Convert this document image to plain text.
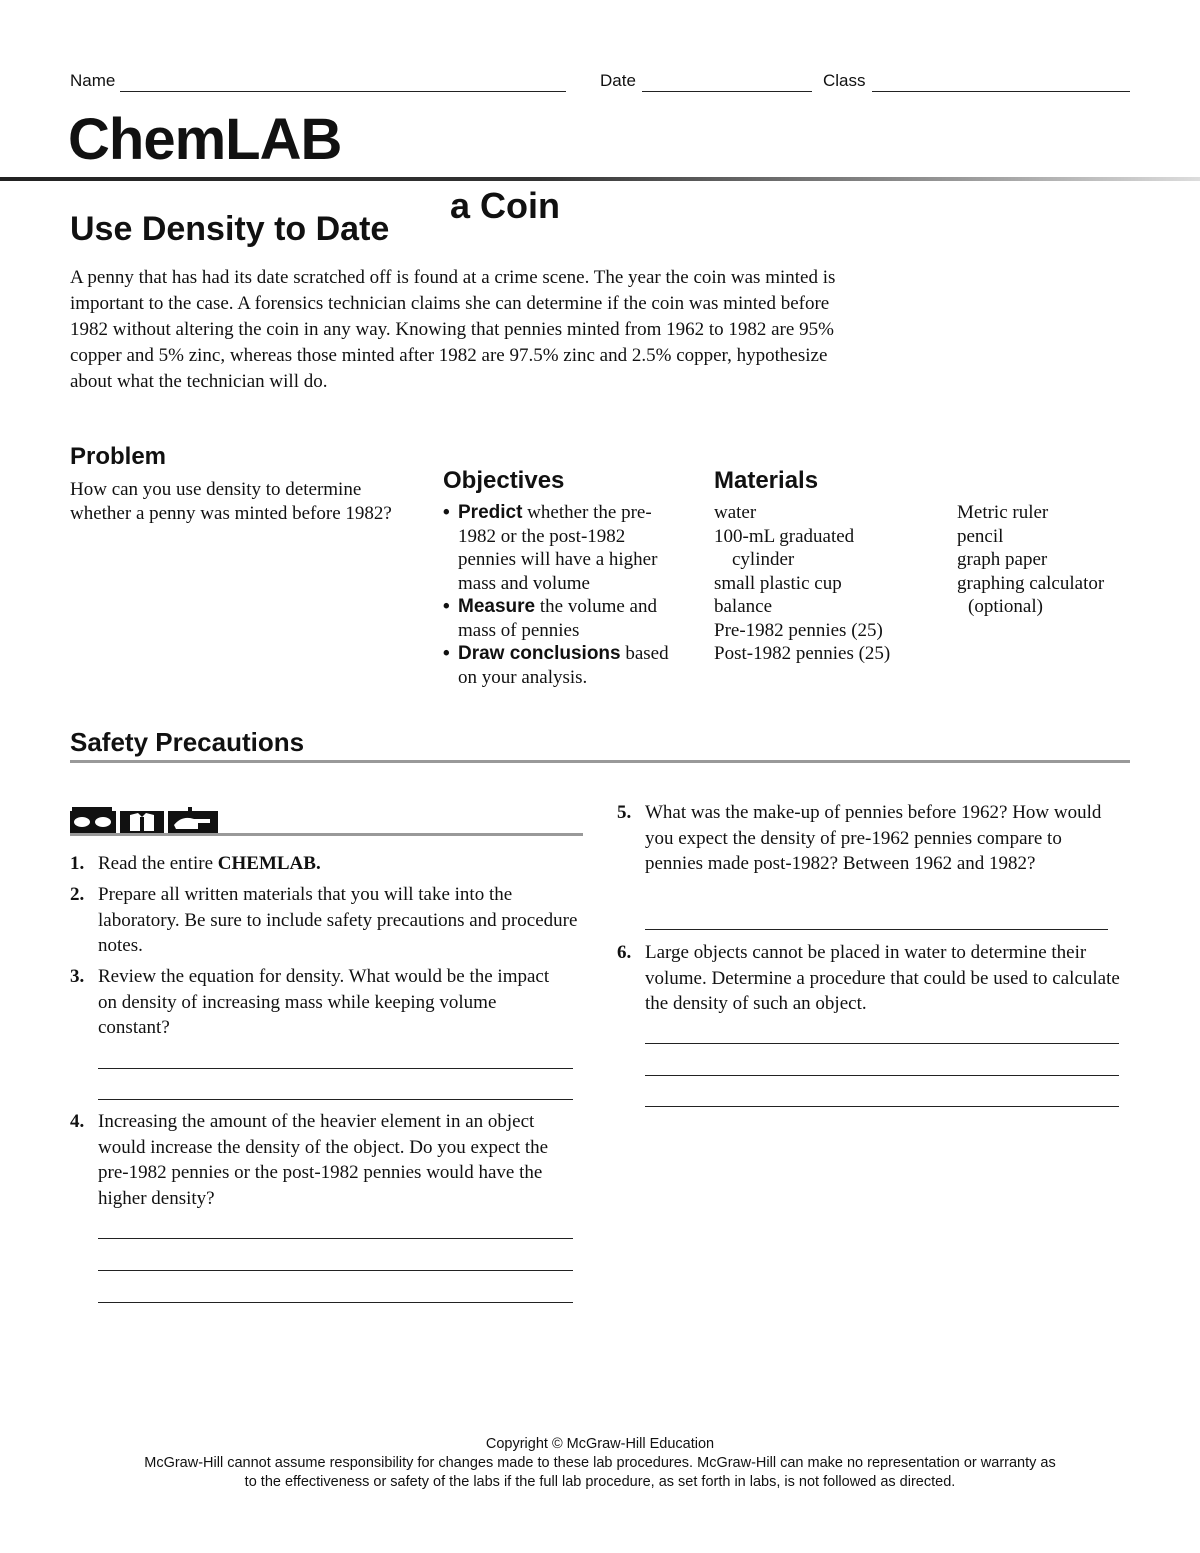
Name	Date	Class
ChemLAB
Use Density to Date
a Coin
A penny that has had its date scratched off is found at a crime scene. The year the coin was minted is important to the case. A forensics technician claims she can determine if the coin was minted before 1982 without altering the coin in any way. Knowing that pennies minted from 1962 to 1982 are 95% copper and 5% zinc, whereas those minted after 1982 are 97.5% zinc and 2.5% copper, hypothesize about what the technician will do.
Problem
How can you use density to determine whether a penny was minted before 1982?
Objectives
• Predict whether the pre-1982 or the post-1982 pennies will have a higher mass and volume
• Measure the volume and mass of pennies
• Draw conclusions based on your analysis.
Materials
water
100-mL graduated
cylinder
small plastic cup
balance
Pre-1982 pennies (25)
Post-1982 pennies (25)
Metric ruler
pencil
graph paper
graphing calculator
(optional)
Safety Precautions
1. Read the entire CHEMLAB.
2. Prepare all written materials that you will take into the laboratory. Be sure to include safety precautions and procedure notes.
3. Review the equation for density. What would be the impact on density of increasing mass while keeping volume constant?
4. Increasing the amount of the heavier element in an object would increase the density of the object. Do you expect the pre-1982 pennies or the post-1982 pennies would have the higher density?
5. What was the make-up of pennies before 1962? How would you expect the density of pre-1962 pennies compare to pennies made post-1982? Between 1962 and 1982?
6. Large objects cannot be placed in water to determine their volume. Determine a procedure that could be used to calculate the density of such an object.
Copyright © McGraw-Hill Education
McGraw-Hill cannot assume responsibility for changes made to these lab procedures. McGraw-Hill can make no representation or warranty as to the effectiveness or safety of the labs if the full lab procedure, as set forth in labs, is not followed as directed.
